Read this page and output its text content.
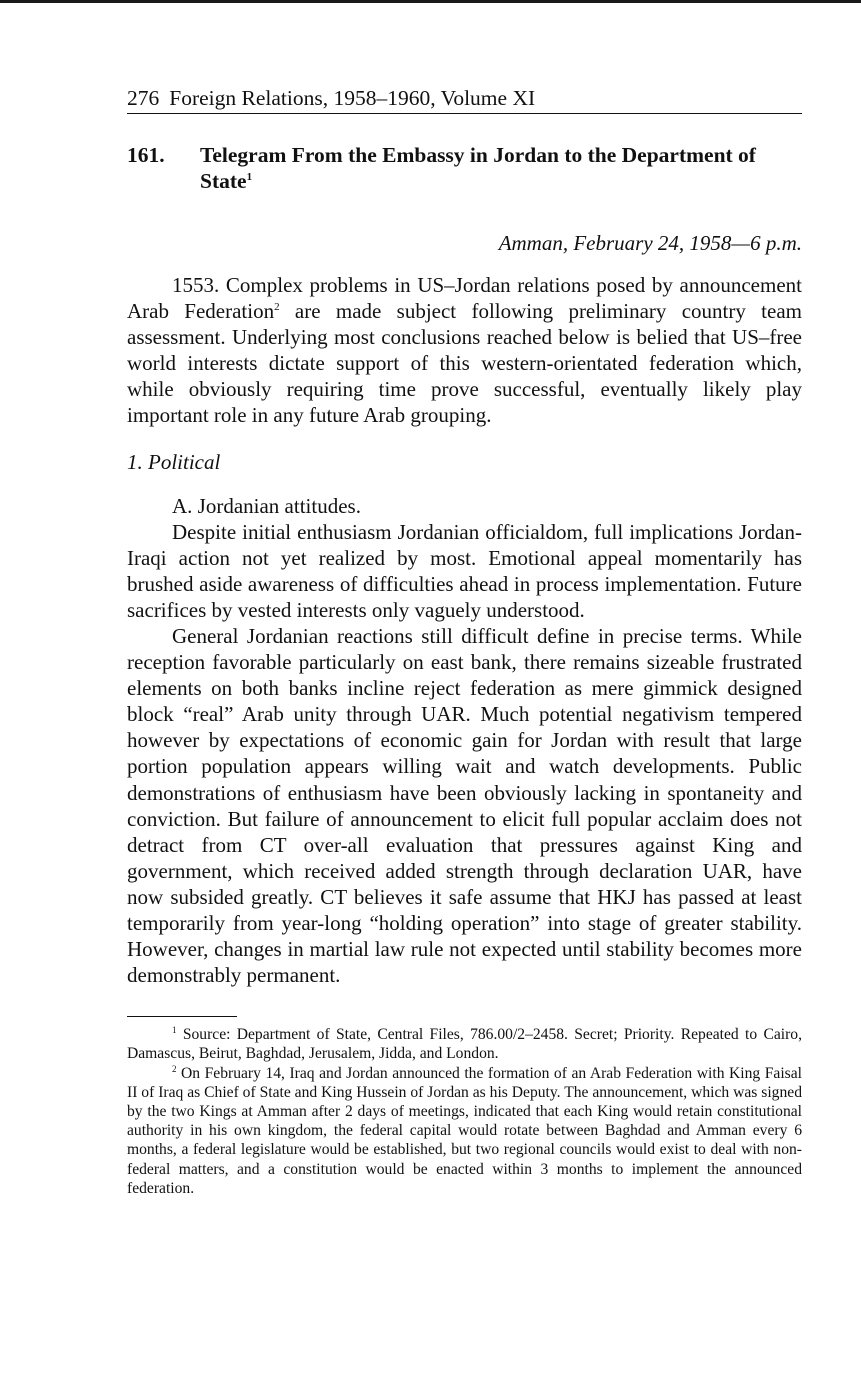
276 Foreign Relations, 1958–1960, Volume XI
161.	Telegram From the Embassy in Jordan to the Department of State$^1$
Amman, February 24, 1958—6 p.m.

1553. Complex problems in US–Jordan relations posed by announcement Arab Federation$^2$ are made subject following preliminary country team assessment. Underlying most conclusions reached below is belied that US–free world interests dictate support of this western-orientated federation which, while obviously requiring time prove successful, eventually likely play important role in any future Arab grouping.

1. Political
A. Jordanian attitudes.

Despite initial enthusiasm Jordanian officialdom, full implications Jordan-Iraqi action not yet realized by most. Emotional appeal momentarily has brushed aside awareness of difficulties ahead in process implementation. Future sacrifices by vested interests only vaguely understood.

General Jordanian reactions still difficult define in precise terms. While reception favorable particularly on east bank, there remains sizeable frustrated elements on both banks incline reject federation as mere gimmick designed block “real” Arab unity through UAR. Much potential negativism tempered however by expectations of economic gain for Jordan with result that large portion population appears willing wait and watch developments. Public demonstrations of enthusiasm have been obviously lacking in spontaneity and conviction. But failure of announcement to elicit full popular acclaim does not detract from CT over-all evaluation that pressures against King and government, which received added strength through declaration UAR, have now subsided greatly. CT believes it safe assume that HKJ has passed at least temporarily from year-long “holding operation” into stage of greater stability. However, changes in martial law rule not expected until stability becomes more demonstrably permanent.

$^1$ Source: Department of State, Central Files, 786.00/2–2458. Secret; Priority. Repeated to Cairo, Damascus, Beirut, Baghdad, Jerusalem, Jidda, and London.

$^2$ On February 14, Iraq and Jordan announced the formation of an Arab Federation with King Faisal II of Iraq as Chief of State and King Hussein of Jordan as his Deputy. The announcement, which was signed by the two Kings at Amman after 2 days of meetings, indicated that each King would retain constitutional authority in his own kingdom, the federal capital would rotate between Baghdad and Amman every 6 months, a federal legislature would be established, but two regional councils would exist to deal with non-federal matters, and a constitution would be enacted within 3 months to implement the announced federation.
